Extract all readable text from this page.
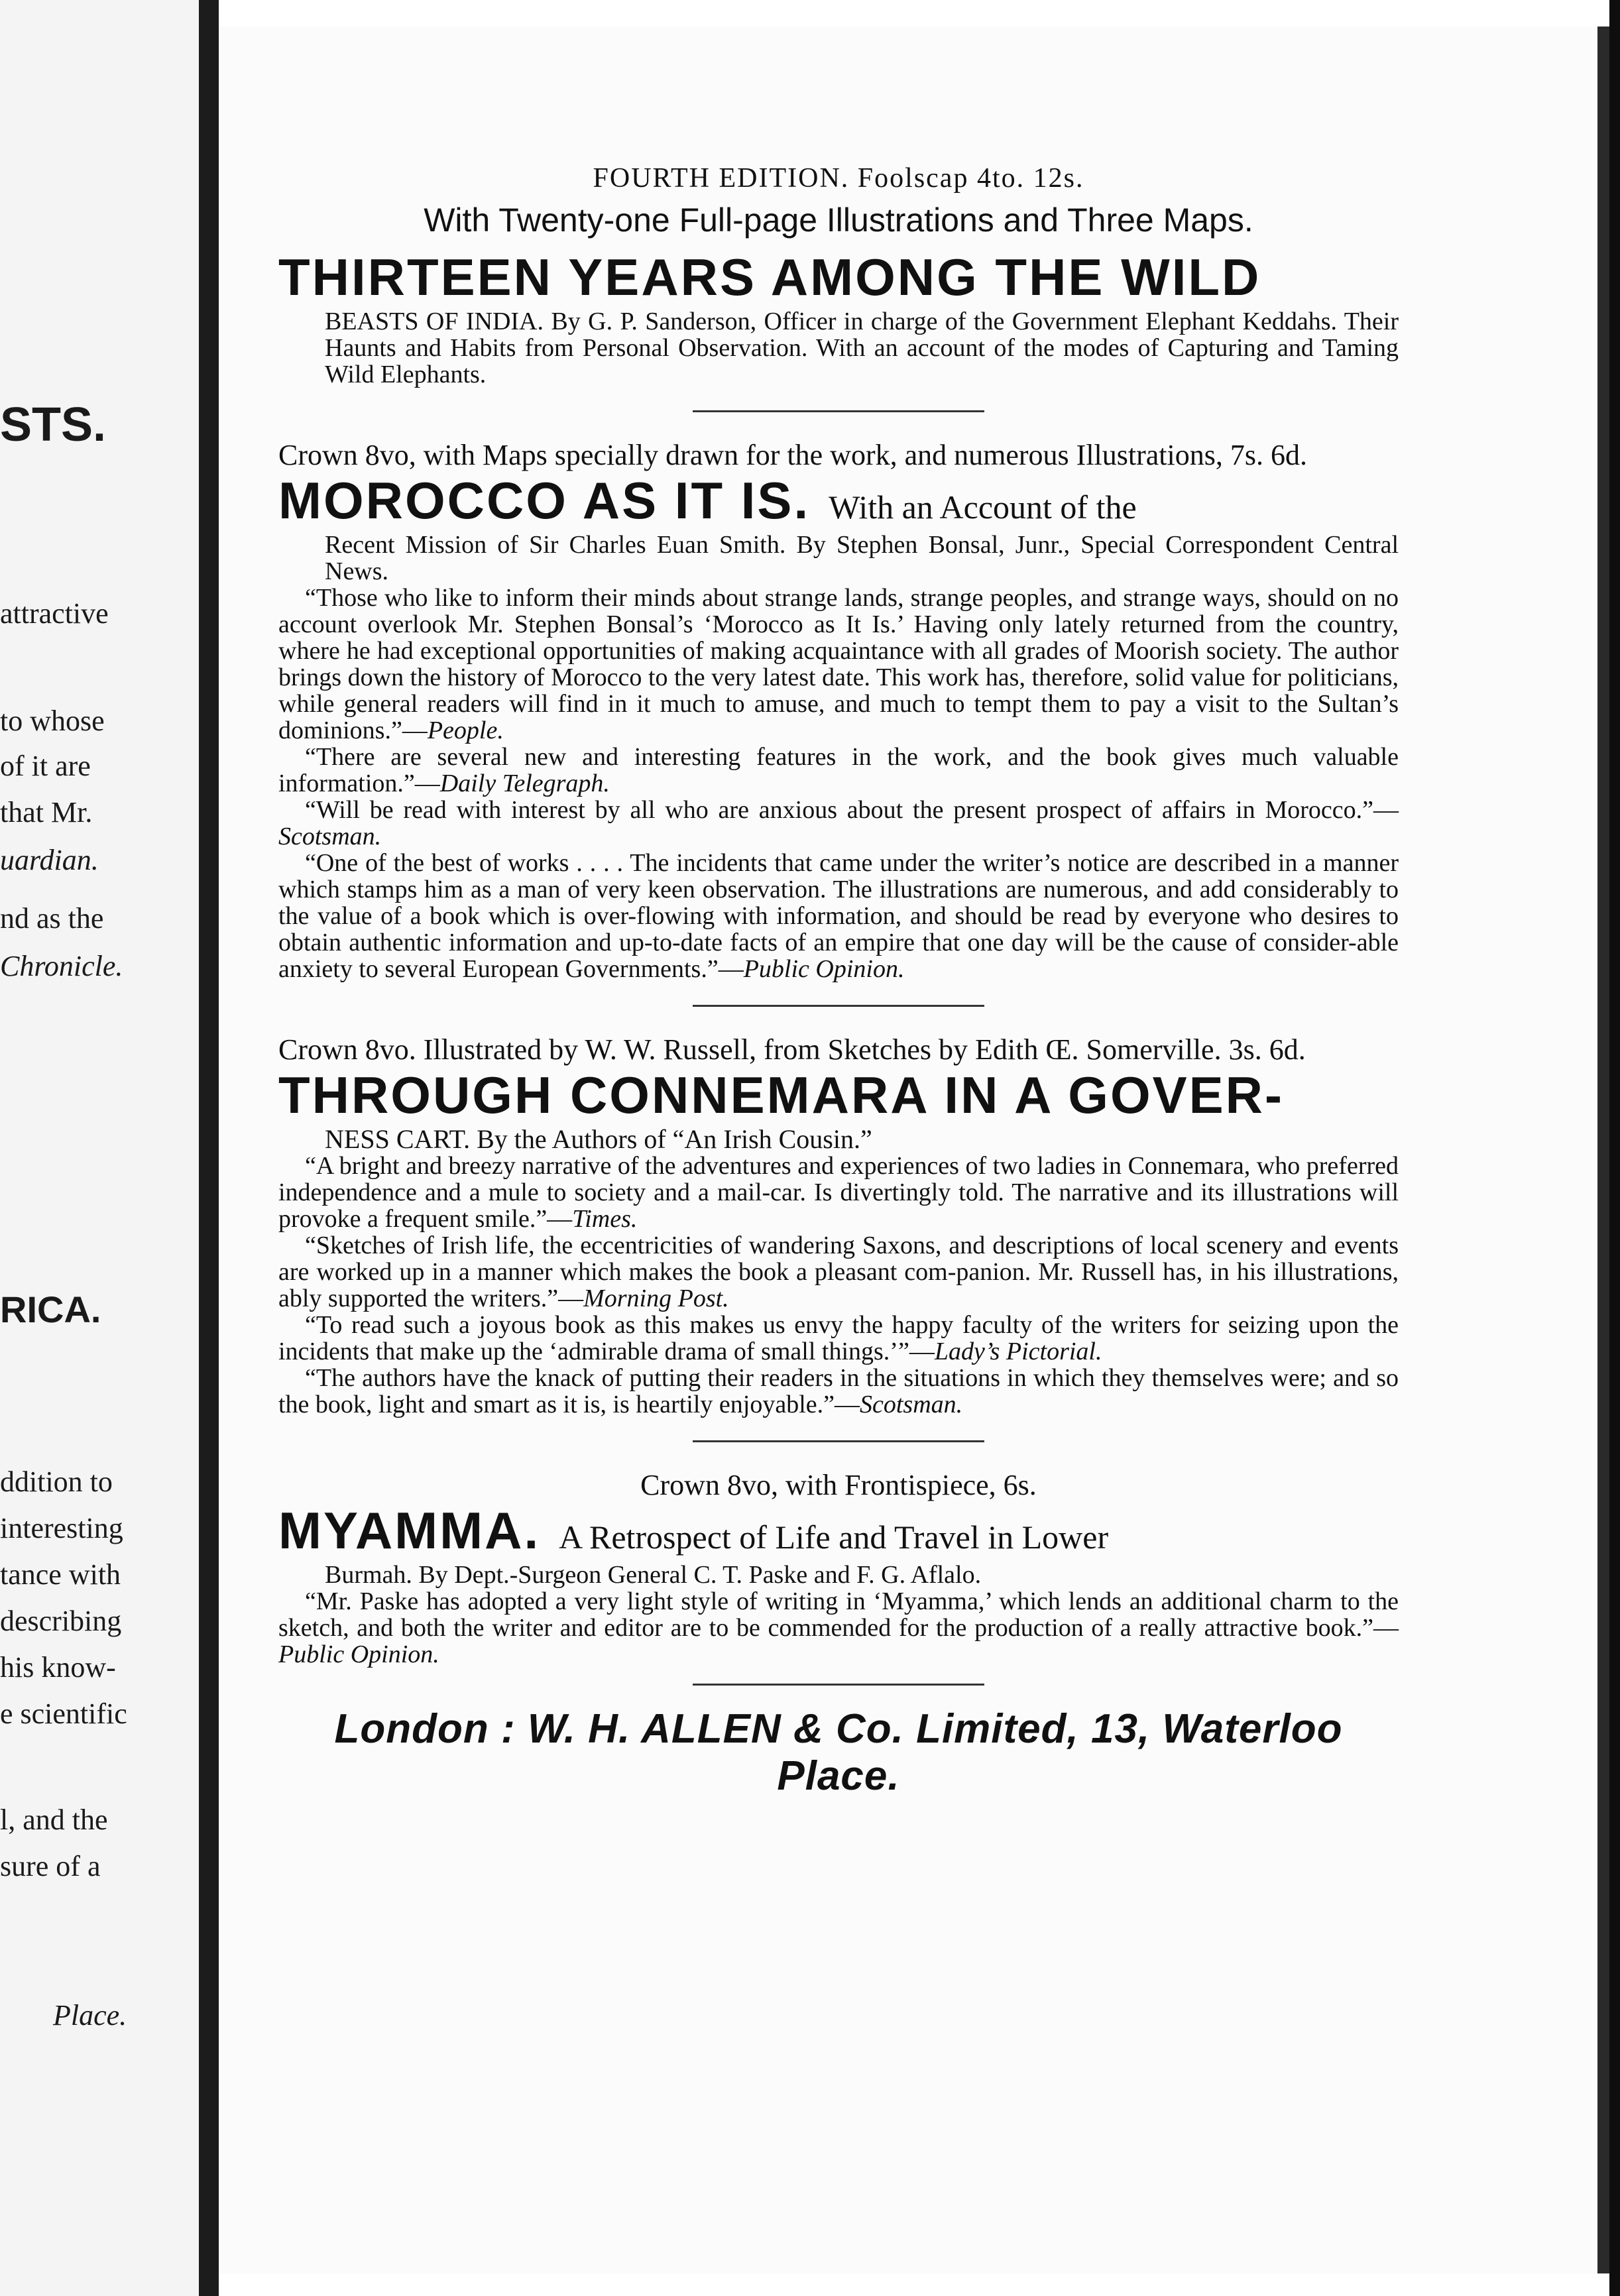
STS.
attractive
to whose
of it are
that Mr.
uardian.
nd as the
Chronicle.
RICA.
ddition to
interesting
tance with
describing
his know-
e scientific
l, and the
sure of a
Place.
FOURTH EDITION. Foolscap 4to. 12s.
With Twenty-one Full-page Illustrations and Three Maps.
THIRTEEN YEARS AMONG THE WILD

BEASTS OF INDIA. By G. P. Sanderson, Officer in charge of the Government Elephant Keddahs. Their Haunts and Habits from Personal Observation. With an account of the modes of Capturing and Taming Wild Elephants.

Crown 8vo, with Maps specially drawn for the work, and numerous Illustrations, 7s. 6d.
MOROCCO AS IT IS. With an Account of the

Recent Mission of Sir Charles Euan Smith. By Stephen Bonsal, Junr., Special Correspondent Central News.

“Those who like to inform their minds about strange lands, strange peoples, and strange ways, should on no account overlook Mr. Stephen Bonsal’s ‘Morocco as It Is.’ Having only lately returned from the country, where he had exceptional opportunities of making acquaintance with all grades of Moorish society. The author brings down the history of Morocco to the very latest date. This work has, therefore, solid value for politicians, while general readers will find in it much to amuse, and much to tempt them to pay a visit to the Sultan’s dominions.”—People.

“There are several new and interesting features in the work, and the book gives much valuable information.”—Daily Telegraph.

“Will be read with interest by all who are anxious about the present prospect of affairs in Morocco.”—Scotsman.

“One of the best of works . . . . The incidents that came under the writer’s notice are described in a manner which stamps him as a man of very keen observation. The illustrations are numerous, and add considerably to the value of a book which is over-flowing with information, and should be read by everyone who desires to obtain authentic information and up-to-date facts of an empire that one day will be the cause of consider-able anxiety to several European Governments.”—Public Opinion.

Crown 8vo. Illustrated by W. W. Russell, from Sketches by Edith Œ. Somerville. 3s. 6d.
THROUGH CONNEMARA IN A GOVER-

NESS CART. By the Authors of “An Irish Cousin.”

“A bright and breezy narrative of the adventures and experiences of two ladies in Connemara, who preferred independence and a mule to society and a mail-car. Is divertingly told. The narrative and its illustrations will provoke a frequent smile.”—Times.

“Sketches of Irish life, the eccentricities of wandering Saxons, and descriptions of local scenery and events are worked up in a manner which makes the book a pleasant com-panion. Mr. Russell has, in his illustrations, ably supported the writers.”—Morning Post.

“To read such a joyous book as this makes us envy the happy faculty of the writers for seizing upon the incidents that make up the ‘admirable drama of small things.’”—Lady’s Pictorial.

“The authors have the knack of putting their readers in the situations in which they themselves were; and so the book, light and smart as it is, is heartily enjoyable.”—Scotsman.

Crown 8vo, with Frontispiece, 6s.
MYAMMA. A Retrospect of Life and Travel in Lower

Burmah. By Dept.-Surgeon General C. T. Paske and F. G. Aflalo.

“Mr. Paske has adopted a very light style of writing in ‘Myamma,’ which lends an additional charm to the sketch, and both the writer and editor are to be commended for the production of a really attractive book.”—Public Opinion.

London : W. H. ALLEN & Co. Limited, 13, Waterloo Place.
